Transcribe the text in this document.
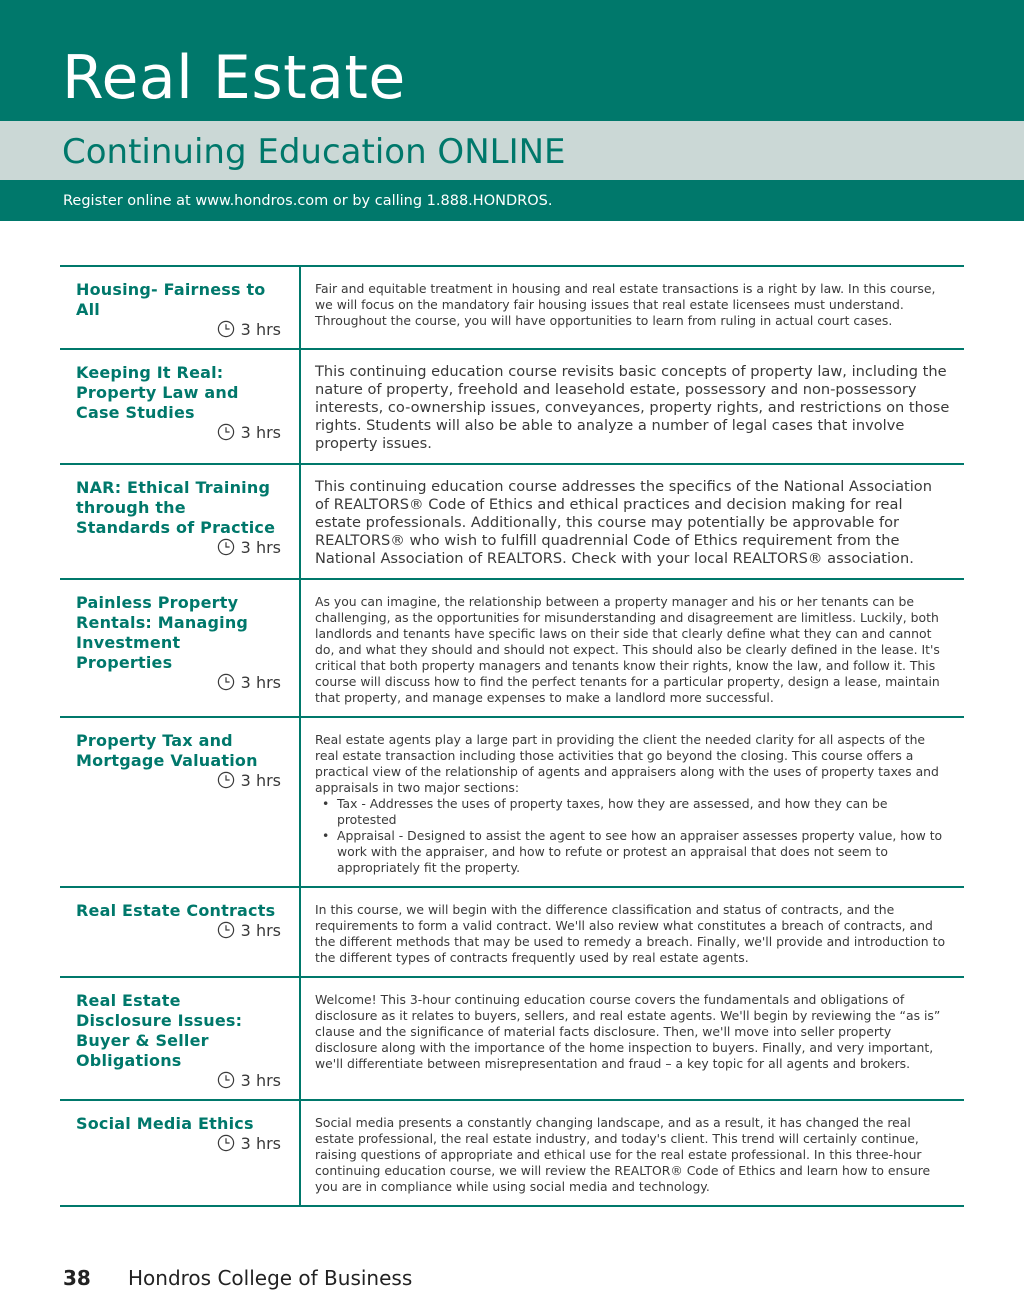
Real Estate
Continuing Education ONLINE
Register online at www.hondros.com or by calling 1.888.HONDROS.
Housing- Fairness to All
3 hrs
Fair and equitable treatment in housing and real estate transactions is a right by law. In this course, we will focus on the mandatory fair housing issues that real estate licensees must understand. Throughout the course, you will have opportunities to learn from ruling in actual court cases.
Keeping It Real: Property Law and Case Studies
3 hrs
This continuing education course revisits basic concepts of property law, including the nature of property, freehold and leasehold estate, possessory and non-possessory interests, co-ownership issues, conveyances, property rights, and restrictions on those rights. Students will also be able to analyze a number of legal cases that involve property issues.
NAR: Ethical Training through the Standards of Practice
3 hrs
This continuing education course addresses the specifics of the National Association of REALTORS® Code of Ethics and ethical practices and decision making for real estate professionals. Additionally, this course may potentially be approvable for REALTORS® who wish to fulfill quadrennial Code of Ethics requirement from the National Association of REALTORS. Check with your local REALTORS® association.
Painless Property Rentals: Managing Investment Properties
3 hrs
As you can imagine, the relationship between a property manager and his or her tenants can be challenging, as the opportunities for misunderstanding and disagreement are limitless. Luckily, both landlords and tenants have specific laws on their side that clearly define what they can and cannot do, and what they should and should not expect. This should also be clearly defined in the lease. It's critical that both property managers and tenants know their rights, know the law, and follow it. This course will discuss how to find the perfect tenants for a particular property, design a lease, maintain that property, and manage expenses to make a landlord more successful.
Property Tax and Mortgage Valuation
3 hrs
Real estate agents play a large part in providing the client the needed clarity for all aspects of the real estate transaction including those activities that go beyond the closing. This course offers a practical view of the relationship of agents and appraisers along with the uses of property taxes and appraisals in two major sections:
• Tax - Addresses the uses of property taxes, how they are assessed, and how they can be protested
• Appraisal - Designed to assist the agent to see how an appraiser assesses property value, how to work with the appraiser, and how to refute or protest an appraisal that does not seem to appropriately fit the property.
Real Estate Contracts
3 hrs
In this course, we will begin with the difference classification and status of contracts, and the requirements to form a valid contract. We'll also review what constitutes a breach of contracts, and the different methods that may be used to remedy a breach. Finally, we'll provide and introduction to the different types of contracts frequently used by real estate agents.
Real Estate Disclosure Issues: Buyer & Seller Obligations
3 hrs
Welcome! This 3-hour continuing education course covers the fundamentals and obligations of disclosure as it relates to buyers, sellers, and real estate agents. We'll begin by reviewing the “as is” clause and the significance of material facts disclosure. Then, we'll move into seller property disclosure along with the importance of the home inspection to buyers. Finally, and very important, we'll differentiate between misrepresentation and fraud – a key topic for all agents and brokers.
Social Media Ethics
3 hrs
Social media presents a constantly changing landscape, and as a result, it has changed the real estate professional, the real estate industry, and today's client. This trend will certainly continue, raising questions of appropriate and ethical use for the real estate professional. In this three-hour continuing education course, we will review the REALTOR® Code of Ethics and learn how to ensure you are in compliance while using social media and technology.
38 Hondros College of Business
